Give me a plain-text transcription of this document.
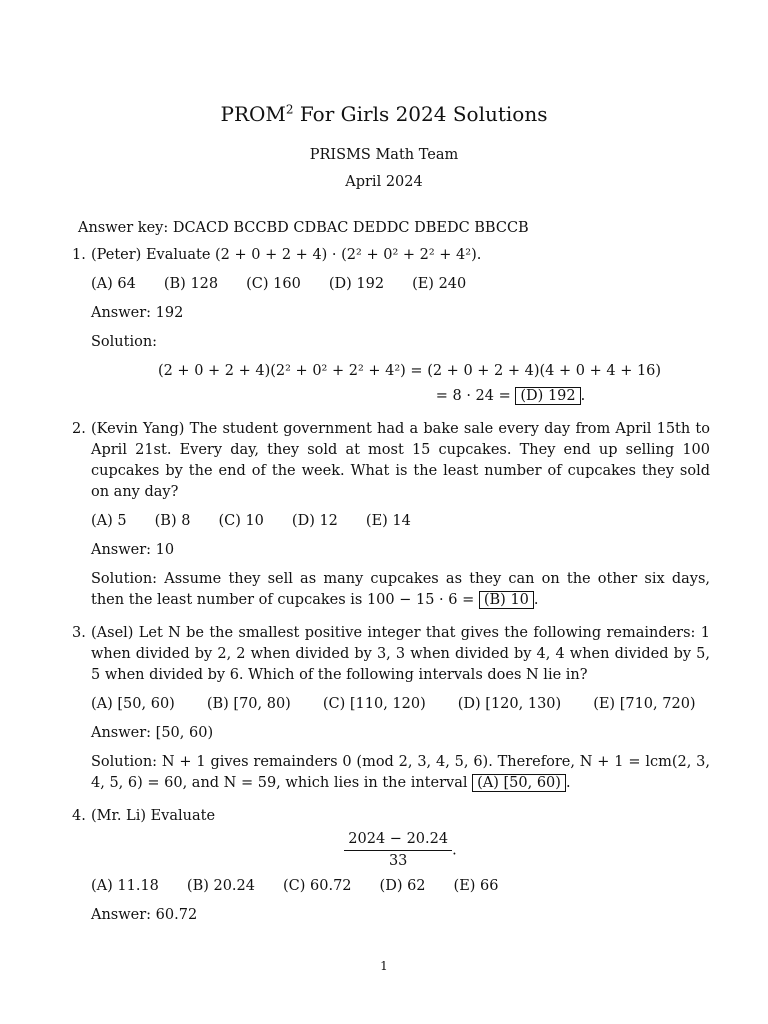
PROM$^2$ For Girls 2024 Solutions
PRISMS Math Team
April 2024

Answer key: DCACD BCCBD CDBAC DEDDC DBEDC BBCCB

1. (Peter) Evaluate (2 + 0 + 2 + 4) · (2² + 0² + 2² + 4²).

(A) 64 (B) 128 (C) 160 (D) 192 (E) 240

Answer: 192

Solution:

(2 + 0 + 2 + 4)(2² + 0² + 2² + 4²) = (2 + 0 + 2 + 4)(4 + 0 + 4 + 16)
= 8 · 24 = (D) 192 .
2. (Kevin Yang) The student government had a bake sale every day from April 15th to April 21st. Every day, they sold at most 15 cupcakes. They end up selling 100 cupcakes by the end of the week. What is the least number of cupcakes they sold on any day?

(A) 5 (B) 8 (C) 10 (D) 12 (E) 14

Answer: 10

Solution: Assume they sell as many cupcakes as they can on the other six days, then the least number of cupcakes is 100 − 15 · 6 = (B) 10 .

3. (Asel) Let N be the smallest positive integer that gives the following remainders: 1 when divided by 2, 2 when divided by 3, 3 when divided by 4, 4 when divided by 5, 5 when divided by 6. Which of the following intervals does N lie in?

(A) [50, 60) (B) [70, 80) (C) [110, 120) (D) [120, 130) (E) [710, 720)

Answer: [50, 60)

Solution: N + 1 gives remainders 0 (mod 2, 3, 4, 5, 6). Therefore, N + 1 = lcm(2, 3, 4, 5, 6) = 60, and N = 59, which lies in the interval (A) [50, 60) .

4. (Mr. Li) Evaluate

$\frac{2024 - 20.24}{33}$ .
(A) 11.18 (B) 20.24 (C) 60.72 (D) 62 (E) 66

Answer: 60.72

1
